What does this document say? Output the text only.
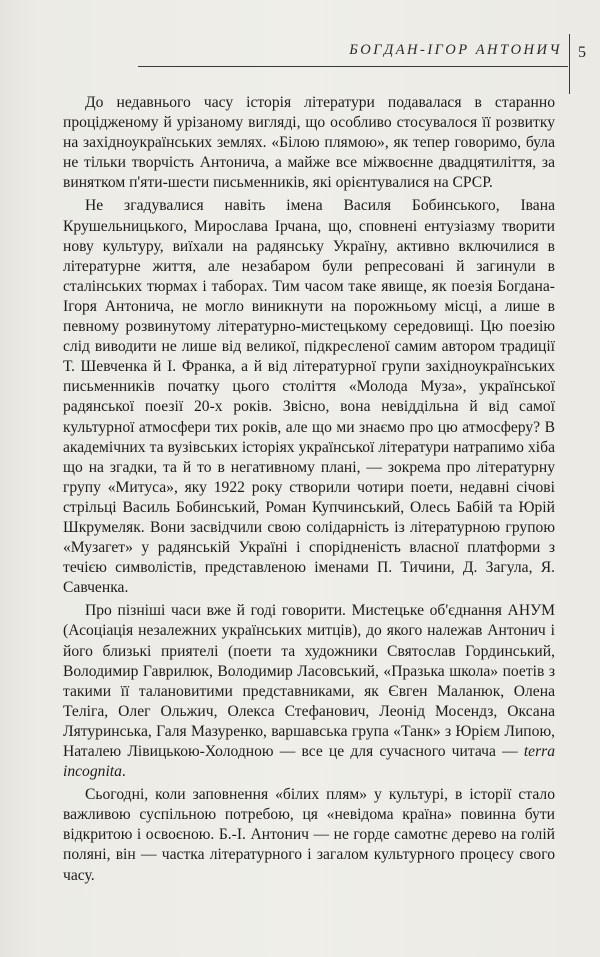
БОГДАН-ІГОР АНТОНИЧ 5

До недавнього часу історія літератури подавалася в старанно процідженому й урізаному вигляді, що особливо стосувалося її розвитку на західноукраїнських землях. «Білою плямою», як тепер говоримо, була не тільки творчість Антонича, а майже все міжвоєнне двадцятиліття, за винятком п'яти-шести письменників, які орієнтувалися на СРСР.

Не згадувалися навіть імена Василя Бобинського, Івана Крушельницького, Мирослава Ірчана, що, сповнені ентузіазму творити нову культуру, виїхали на радянську Україну, активно включилися в літературне життя, але незабаром були репресовані й загинули в сталінських тюрмах і таборах. Тим часом таке явище, як поезія Богдана-Ігоря Антонича, не могло виникнути на порожньому місці, а лише в певному розвинутому літературно-мистецькому середовищі. Цю поезію слід виводити не лише від великої, підкресленої самим автором традиції Т. Шевченка й І. Франка, а й від літературної групи західноукраїнських письменників початку цього століття «Молода Муза», української радянської поезії 20-х років. Звісно, вона невіддільна й від самої культурної атмосфери тих років, але що ми знаємо про цю атмосферу? В академічних та вузівських історіях української літератури натрапимо хіба що на згадки, та й то в негативному плані, — зокрема про літературну групу «Митуса», яку 1922 року створили чотири поети, недавні січові стрільці Василь Бобинський, Роман Купчинський, Олесь Бабій та Юрій Шкрумеляк. Вони засвідчили свою солідарність із літературною групою «Музагет» у радянській Україні і спорідненість власної платформи з течією символістів, представленою іменами П. Тичини, Д. Загула, Я. Савченка.

Про пізніші часи вже й годі говорити. Мистецьке об'єднання АНУМ (Асоціація незалежних українських митців), до якого належав Антонич і його близькі приятелі (поети та художники Святослав Гординський, Володимир Гаврилюк, Володимир Ласовський, «Празька школа» поетів з такими її талановитими представниками, як Євген Маланюк, Олена Теліга, Олег Ольжич, Олекса Стефанович, Леонід Мосендз, Оксана Лятуринська, Галя Мазуренко, варшавська група «Танк» з Юрієм Липою, Наталею Лівицькою-Холодною — все це для сучасного читача — terra incognita.

Сьогодні, коли заповнення «білих плям» у культурі, в історії стало важливою суспільною потребою, ця «невідома країна» повинна бути відкритою і освоєною. Б.-І. Антонич — не горде самотнє дерево на голій поляні, він — частка літературного і загалом культурного процесу свого часу.
